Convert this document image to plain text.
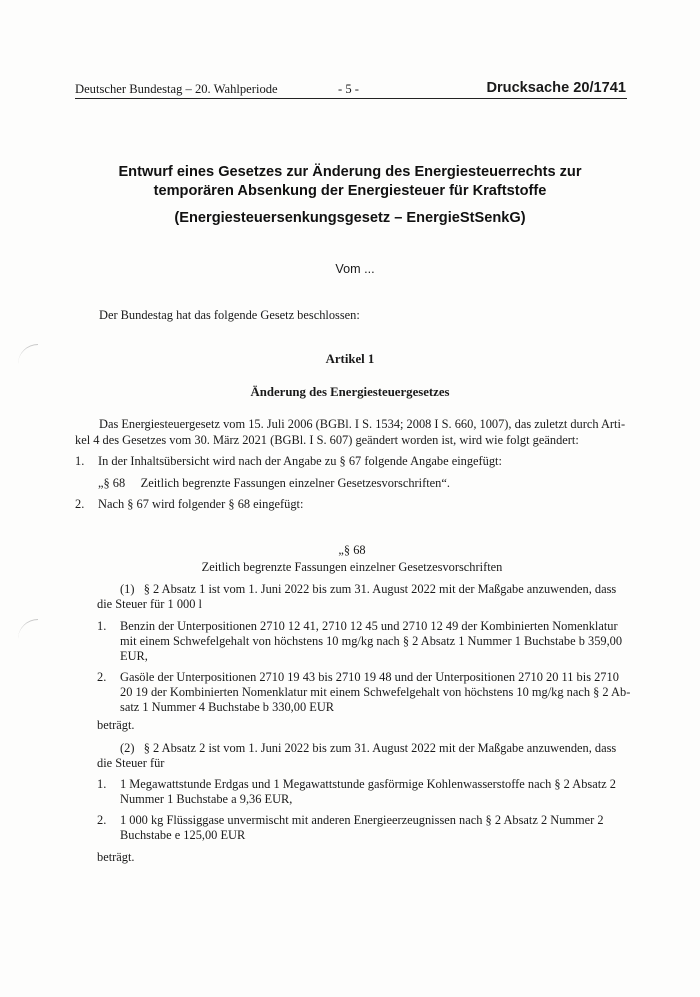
Deutscher Bundestag – 20. Wahlperiode	- 5 -	Drucksache 20/1741
Entwurf eines Gesetzes zur Änderung des Energiesteuerrechts zur
temporären Absenkung der Energiesteuer für Kraftstoffe
(Energiesteuersenkungsgesetz – EnergieStSenkG)
Vom ...
Der Bundestag hat das folgende Gesetz beschlossen:
Artikel 1
Änderung des Energiesteuergesetzes
Das Energiesteuergesetz vom 15. Juli 2006 (BGBl. I S. 1534; 2008 I S. 660, 1007), das zuletzt durch Arti-
kel 4 des Gesetzes vom 30. März 2021 (BGBl. I S. 607) geändert worden ist, wird wie folgt geändert:
1.	In der Inhaltsübersicht wird nach der Angabe zu § 67 folgende Angabe eingefügt:
„§ 68     Zeitlich begrenzte Fassungen einzelner Gesetzesvorschriften“.
2.	Nach § 67 wird folgender § 68 eingefügt:
„§ 68
Zeitlich begrenzte Fassungen einzelner Gesetzesvorschriften
(1)   § 2 Absatz 1 ist vom 1. Juni 2022 bis zum 31. August 2022 mit der Maßgabe anzuwenden, dass
die Steuer für 1 000 l
1.	Benzin der Unterpositionen 2710 12 41, 2710 12 45 und 2710 12 49 der Kombinierten Nomenklatur
mit einem Schwefelgehalt von höchstens 10 mg/kg nach § 2 Absatz 1 Nummer 1 Buchstabe b 359,00
EUR,
2.	Gasöle der Unterpositionen 2710 19 43 bis 2710 19 48 und der Unterpositionen 2710 20 11 bis 2710
20 19 der Kombinierten Nomenklatur mit einem Schwefelgehalt von höchstens 10 mg/kg nach § 2 Ab-
satz 1 Nummer 4 Buchstabe b 330,00 EUR
beträgt.
(2)   § 2 Absatz 2 ist vom 1. Juni 2022 bis zum 31. August 2022 mit der Maßgabe anzuwenden, dass
die Steuer für
1.	1 Megawattstunde Erdgas und 1 Megawattstunde gasförmige Kohlenwasserstoffe nach § 2 Absatz 2
Nummer 1 Buchstabe a 9,36 EUR,
2.	1 000 kg Flüssiggase unvermischt mit anderen Energieerzeugnissen nach § 2 Absatz 2 Nummer 2
Buchstabe e 125,00 EUR
beträgt.
